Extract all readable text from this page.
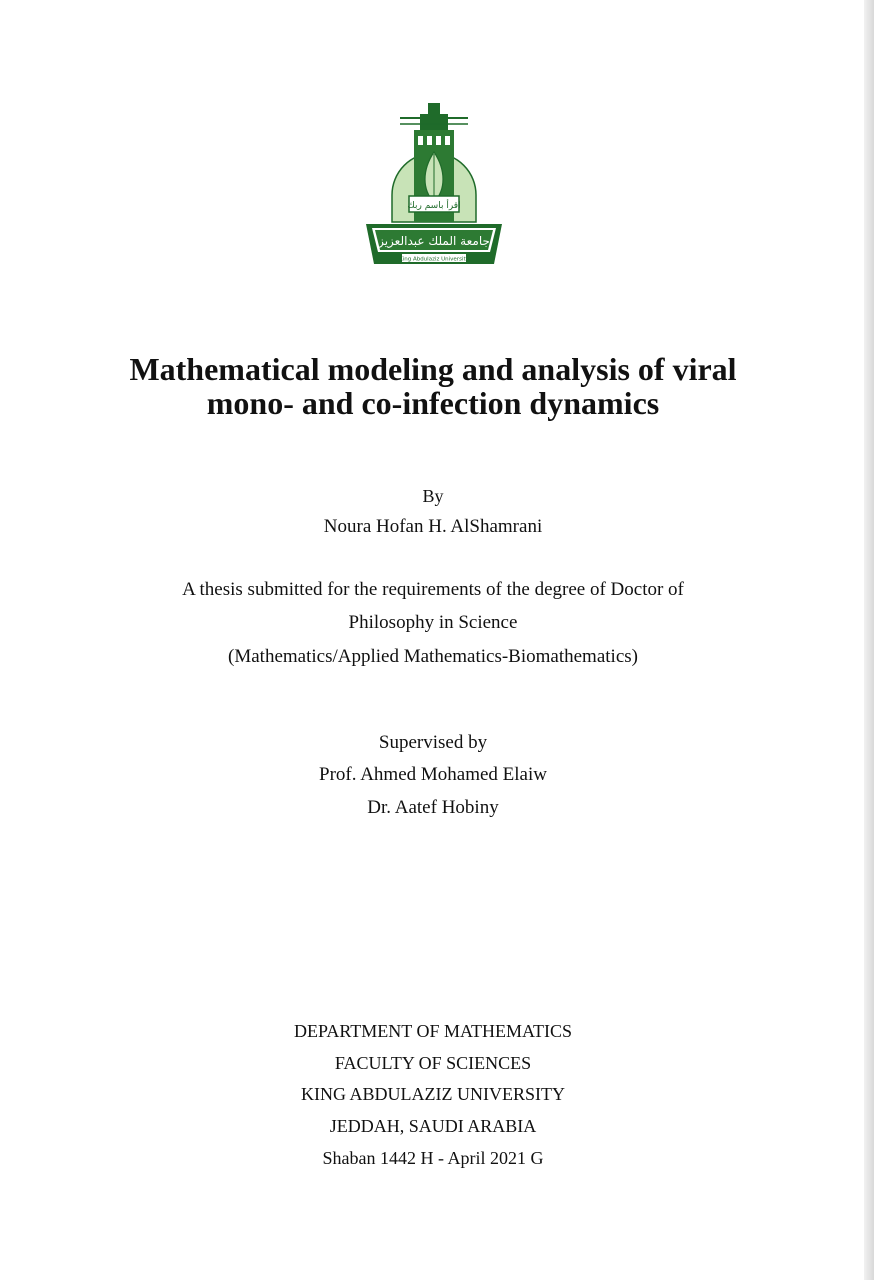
اقرأ باسم ربك
جامعة الملك عبدالعزيز
King Abdulaziz University
Mathematical modeling and analysis of viral
mono- and co-infection dynamics
By
Noura Hofan H. AlShamrani
A thesis submitted for the requirements of the degree of Doctor of
Philosophy in Science
(Mathematics/Applied Mathematics-Biomathematics)
Supervised by
Prof. Ahmed Mohamed Elaiw
Dr. Aatef Hobiny
DEPARTMENT OF MATHEMATICS
FACULTY OF SCIENCES
KING ABDULAZIZ UNIVERSITY
JEDDAH, SAUDI ARABIA
Shaban 1442 H - April 2021 G
